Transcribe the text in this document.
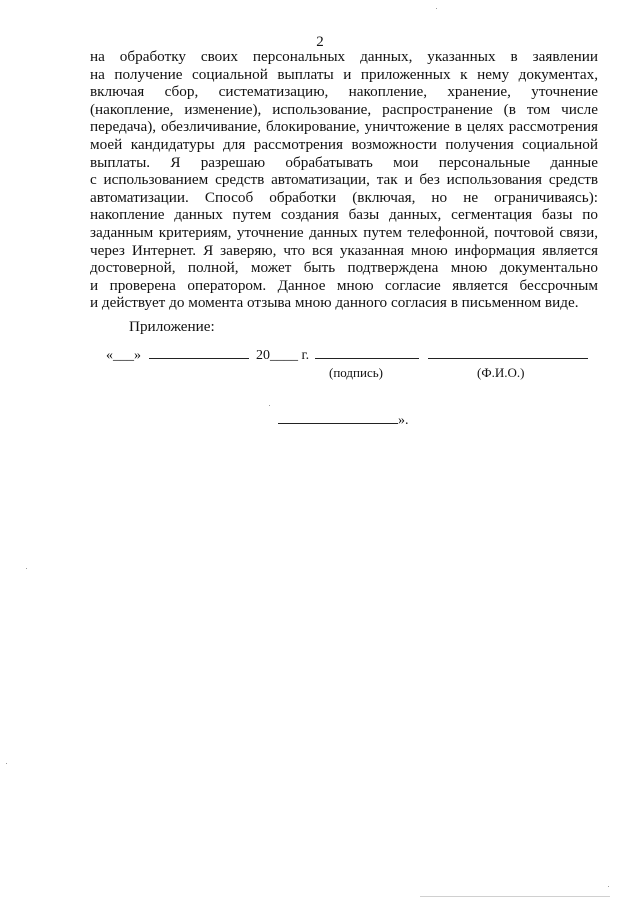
2
на обработку своих персональных данных, указанных в заявлении
на получение социальной выплаты и приложенных к нему документах,
включая сбор, систематизацию, накопление, хранение, уточнение
(накопление, изменение), использование, распространение (в том числе
передача), обезличивание, блокирование, уничтожение в целях рассмотрения
моей кандидатуры для рассмотрения возможности получения социальной
выплаты. Я разрешаю обрабатывать мои персональные данные
с использованием средств автоматизации, так и без использования средств
автоматизации. Способ обработки (включая, но не ограничиваясь):
накопление данных путем создания базы данных, сегментация базы по
заданным критериям, уточнение данных путем телефонной, почтовой связи,
через Интернет. Я заверяю, что вся указанная мною информация является
достоверной, полной, может быть подтверждена мною документально
и проверена оператором. Данное мною согласие является бессрочным
и действует до момента отзыва мною данного согласия в письменном виде.
Приложение:
«___»	20____ г.
(подпись)	(Ф.И.О.)
».
